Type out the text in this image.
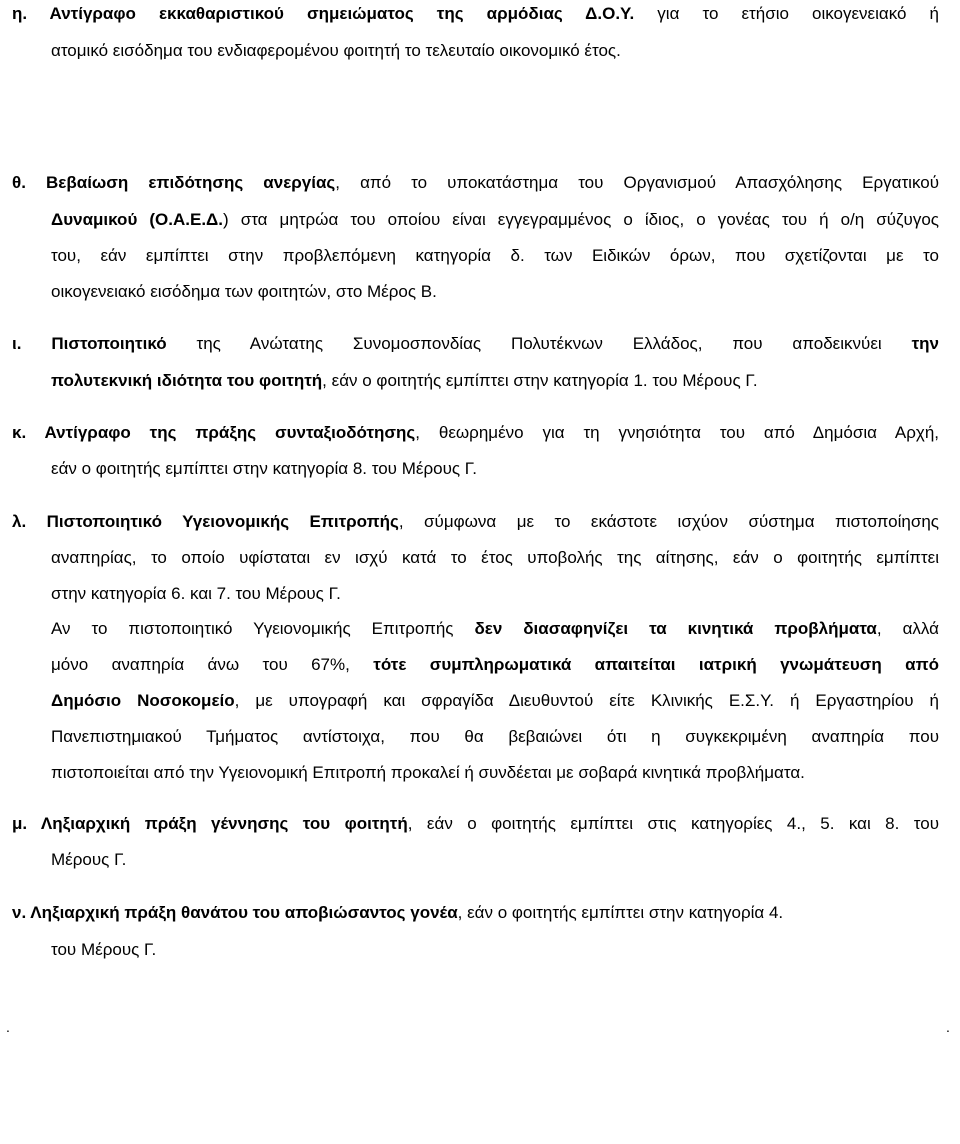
η. Αντίγραφο εκκαθαριστικού σημειώματος της αρμόδιας Δ.Ο.Υ. για το ετήσιο οικογενειακό ή
ατομικό εισόδημα του ενδιαφερομένου φοιτητή το τελευταίο οικονομικό έτος.
θ. Βεβαίωση επιδότησης ανεργίας, από το υποκατάστημα του Οργανισμού Απασχόλησης Εργατικού
Δυναμικού (Ο.Α.Ε.Δ.) στα μητρώα του οποίου είναι εγγεγραμμένος ο ίδιος, ο γονέας του ή ο/η σύζυγος
του, εάν εμπίπτει στην προβλεπόμενη κατηγορία δ. των Ειδικών όρων, που σχετίζονται με το
οικογενειακό εισόδημα των φοιτητών, στο Μέρος Β.
ι. Πιστοποιητικό της Ανώτατης Συνομοσπονδίας Πολυτέκνων Ελλάδος, που αποδεικνύει την
πολυτεκνική ιδιότητα του φοιτητή, εάν ο φοιτητής εμπίπτει στην κατηγορία 1. του Μέρους Γ.
κ. Αντίγραφο της πράξης συνταξιοδότησης, θεωρημένο για τη γνησιότητα του από Δημόσια Αρχή,
εάν ο φοιτητής εμπίπτει στην κατηγορία 8. του Μέρους Γ.
λ. Πιστοποιητικό Υγειονομικής Επιτροπής, σύμφωνα με το εκάστοτε ισχύον σύστημα πιστοποίησης
αναπηρίας, το οποίο υφίσταται εν ισχύ κατά το έτος υποβολής της αίτησης, εάν ο φοιτητής εμπίπτει
στην κατηγορία 6. και 7. του Μέρους Γ.
Αν το πιστοποιητικό Υγειονομικής Επιτροπής δεν διασαφηνίζει τα κινητικά προβλήματα, αλλά
μόνο αναπηρία άνω του 67%, τότε συμπληρωματικά απαιτείται ιατρική γνωμάτευση από
Δημόσιο Νοσοκομείο, με υπογραφή και σφραγίδα Διευθυντού είτε Κλινικής Ε.Σ.Υ. ή Εργαστηρίου ή
Πανεπιστημιακού Τμήματος αντίστοιχα, που θα βεβαιώνει ότι η συγκεκριμένη αναπηρία που
πιστοποιείται από την Υγειονομική Επιτροπή προκαλεί ή συνδέεται με σοβαρά κινητικά προβλήματα.
μ. Ληξιαρχική πράξη γέννησης του φοιτητή, εάν ο φοιτητής εμπίπτει στις κατηγορίες 4., 5. και 8. του
Μέρους Γ.
ν. Ληξιαρχική πράξη θανάτου του αποβιώσαντος γονέα, εάν ο φοιτητής εμπίπτει στην κατηγορία 4.
του Μέρους Γ.
.	.
